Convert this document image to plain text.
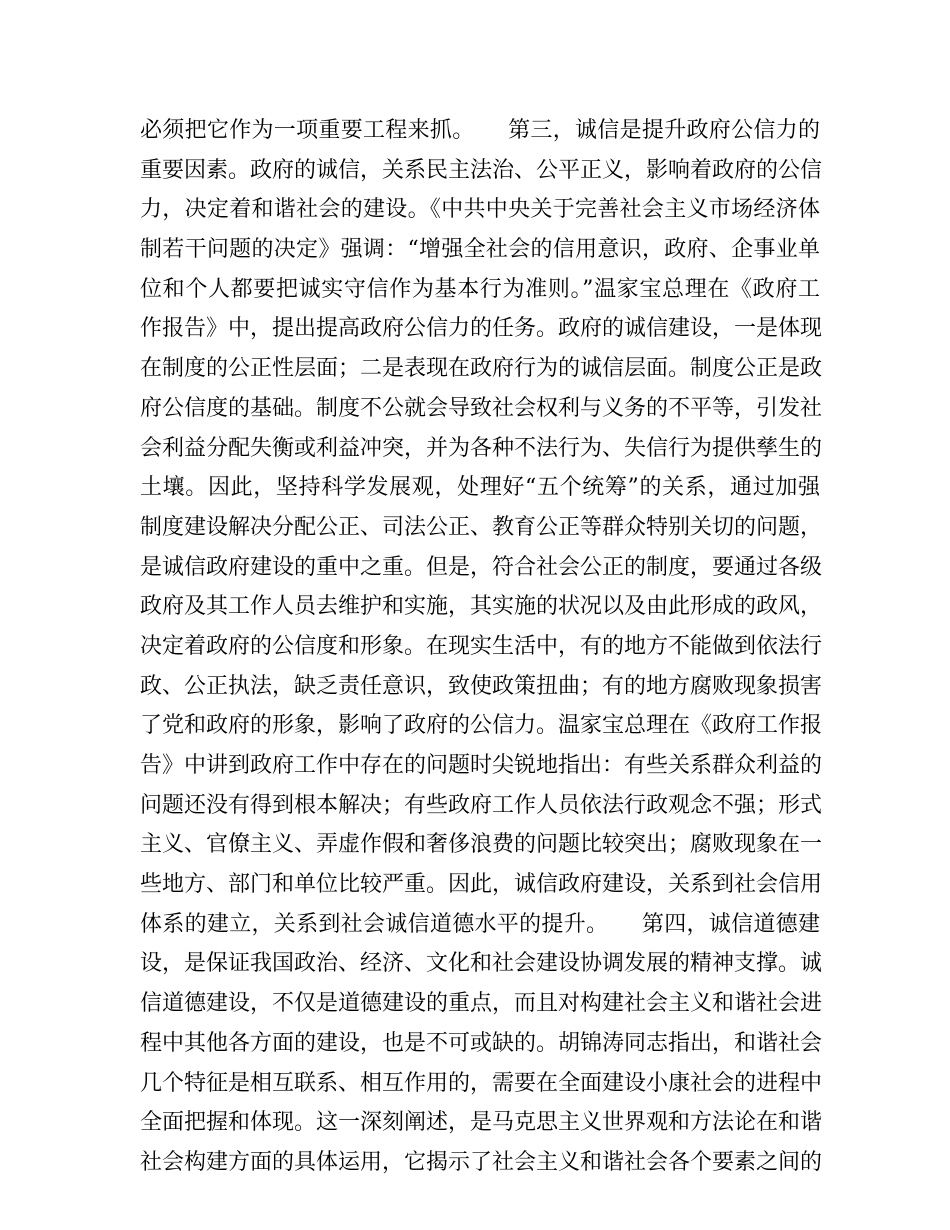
必须把它作为一项重要工程来抓。　　第三，诚信是提升政府公信力的
重要因素。政府的诚信，关系民主法治、公平正义，影响着政府的公信
力，决定着和谐社会的建设。《中共中央关于完善社会主义市场经济体
制若干问题的决定》强调：“增强全社会的信用意识，政府、企事业单
位和个人都要把诚实守信作为基本行为准则。”温家宝总理在《政府工
作报告》中，提出提高政府公信力的任务。政府的诚信建设，一是体现
在制度的公正性层面；二是表现在政府行为的诚信层面。制度公正是政
府公信度的基础。制度不公就会导致社会权利与义务的不平等，引发社
会利益分配失衡或利益冲突，并为各种不法行为、失信行为提供孳生的
土壤。因此，坚持科学发展观，处理好“五个统筹”的关系，通过加强
制度建设解决分配公正、司法公正、教育公正等群众特别关切的问题，
是诚信政府建设的重中之重。但是，符合社会公正的制度，要通过各级
政府及其工作人员去维护和实施，其实施的状况以及由此形成的政风，
决定着政府的公信度和形象。在现实生活中，有的地方不能做到依法行
政、公正执法，缺乏责任意识，致使政策扭曲；有的地方腐败现象损害
了党和政府的形象，影响了政府的公信力。温家宝总理在《政府工作报
告》中讲到政府工作中存在的问题时尖锐地指出：有些关系群众利益的
问题还没有得到根本解决；有些政府工作人员依法行政观念不强；形式
主义、官僚主义、弄虚作假和奢侈浪费的问题比较突出；腐败现象在一
些地方、部门和单位比较严重。因此，诚信政府建设，关系到社会信用
体系的建立，关系到社会诚信道德水平的提升。　　第四，诚信道德建
设，是保证我国政治、经济、文化和社会建设协调发展的精神支撑。诚
信道德建设，不仅是道德建设的重点，而且对构建社会主义和谐社会进
程中其他各方面的建设，也是不可或缺的。胡锦涛同志指出，和谐社会
几个特征是相互联系、相互作用的，需要在全面建设小康社会的进程中
全面把握和体现。这一深刻阐述，是马克思主义世界观和方法论在和谐
社会构建方面的具体运用，它揭示了社会主义和谐社会各个要素之间的
